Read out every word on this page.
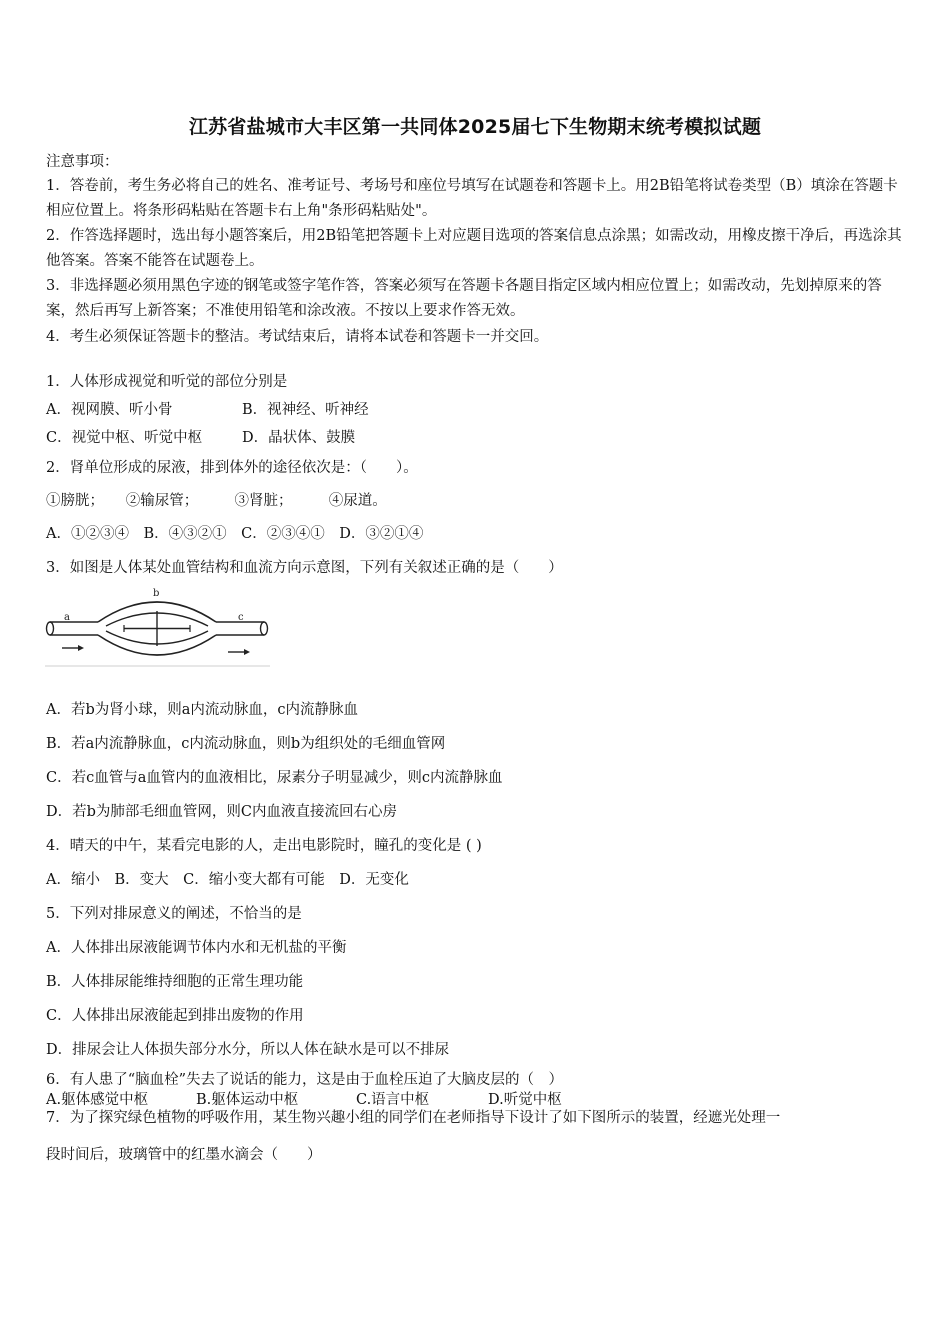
江苏省盐城市大丰区第一共同体2025届七下生物期末统考模拟试题
注意事项：
1．答卷前，考生务必将自己的姓名、准考证号、考场号和座位号填写在试题卷和答题卡上。用2B铅笔将试卷类型（B）填涂在答题卡相应位置上。将条形码粘贴在答题卡右上角"条形码粘贴处"。
2．作答选择题时，选出每小题答案后，用2B铅笔把答题卡上对应题目选项的答案信息点涂黑；如需改动，用橡皮擦干净后，再选涂其他答案。答案不能答在试题卷上。
3．非选择题必须用黑色字迹的钢笔或签字笔作答，答案必须写在答题卡各题目指定区域内相应位置上；如需改动，先划掉原来的答案，然后再写上新答案；不准使用铅笔和涂改液。不按以上要求作答无效。
4．考生必须保证答题卡的整洁。考试结束后，请将本试卷和答题卡一并交回。
1．人体形成视觉和听觉的部位分别是
A．视网膜、听小骨	B．视神经、听神经
C．视觉中枢、听觉中枢	D．晶状体、鼓膜
2．肾单位形成的尿液，排到体外的途径依次是：（　　）。
①膀胱；　　②输尿管；　　　③肾脏；　　　④尿道。
A．①②③④　B．④③②①　C．②③④①　D．③②①④
3．如图是人体某处血管结构和血流方向示意图，下列有关叙述正确的是（　　）
a
b
c
A．若b为肾小球，则a内流动脉血，c内流静脉血
B．若a内流静脉血，c内流动脉血，则b为组织处的毛细血管网
C．若c血管与a血管内的血液相比，尿素分子明显减少，则c内流静脉血
D．若b为肺部毛细血管网，则C内血液直接流回右心房
4．晴天的中午，某看完电影的人，走出电影院时，瞳孔的变化是 ( )
A．缩小　B．变大　C．缩小变大都有可能　D．无变化
5．下列对排尿意义的阐述，不恰当的是
A．人体排出尿液能调节体内水和无机盐的平衡
B．人体排尿能维持细胞的正常生理功能
C．人体排出尿液能起到排出废物的作用
D．排尿会让人体损失部分水分，所以人体在缺水是可以不排尿
6．有人患了“脑血栓”失去了说话的能力，这是由于血栓压迫了大脑皮层的（　）
A.躯体感觉中枢	B.躯体运动中枢	C.语言中枢	D.听觉中枢
7．为了探究绿色植物的呼吸作用，某生物兴趣小组的同学们在老师指导下设计了如下图所示的装置，经遮光处理一
段时间后，玻璃管中的红墨水滴会（　　）
